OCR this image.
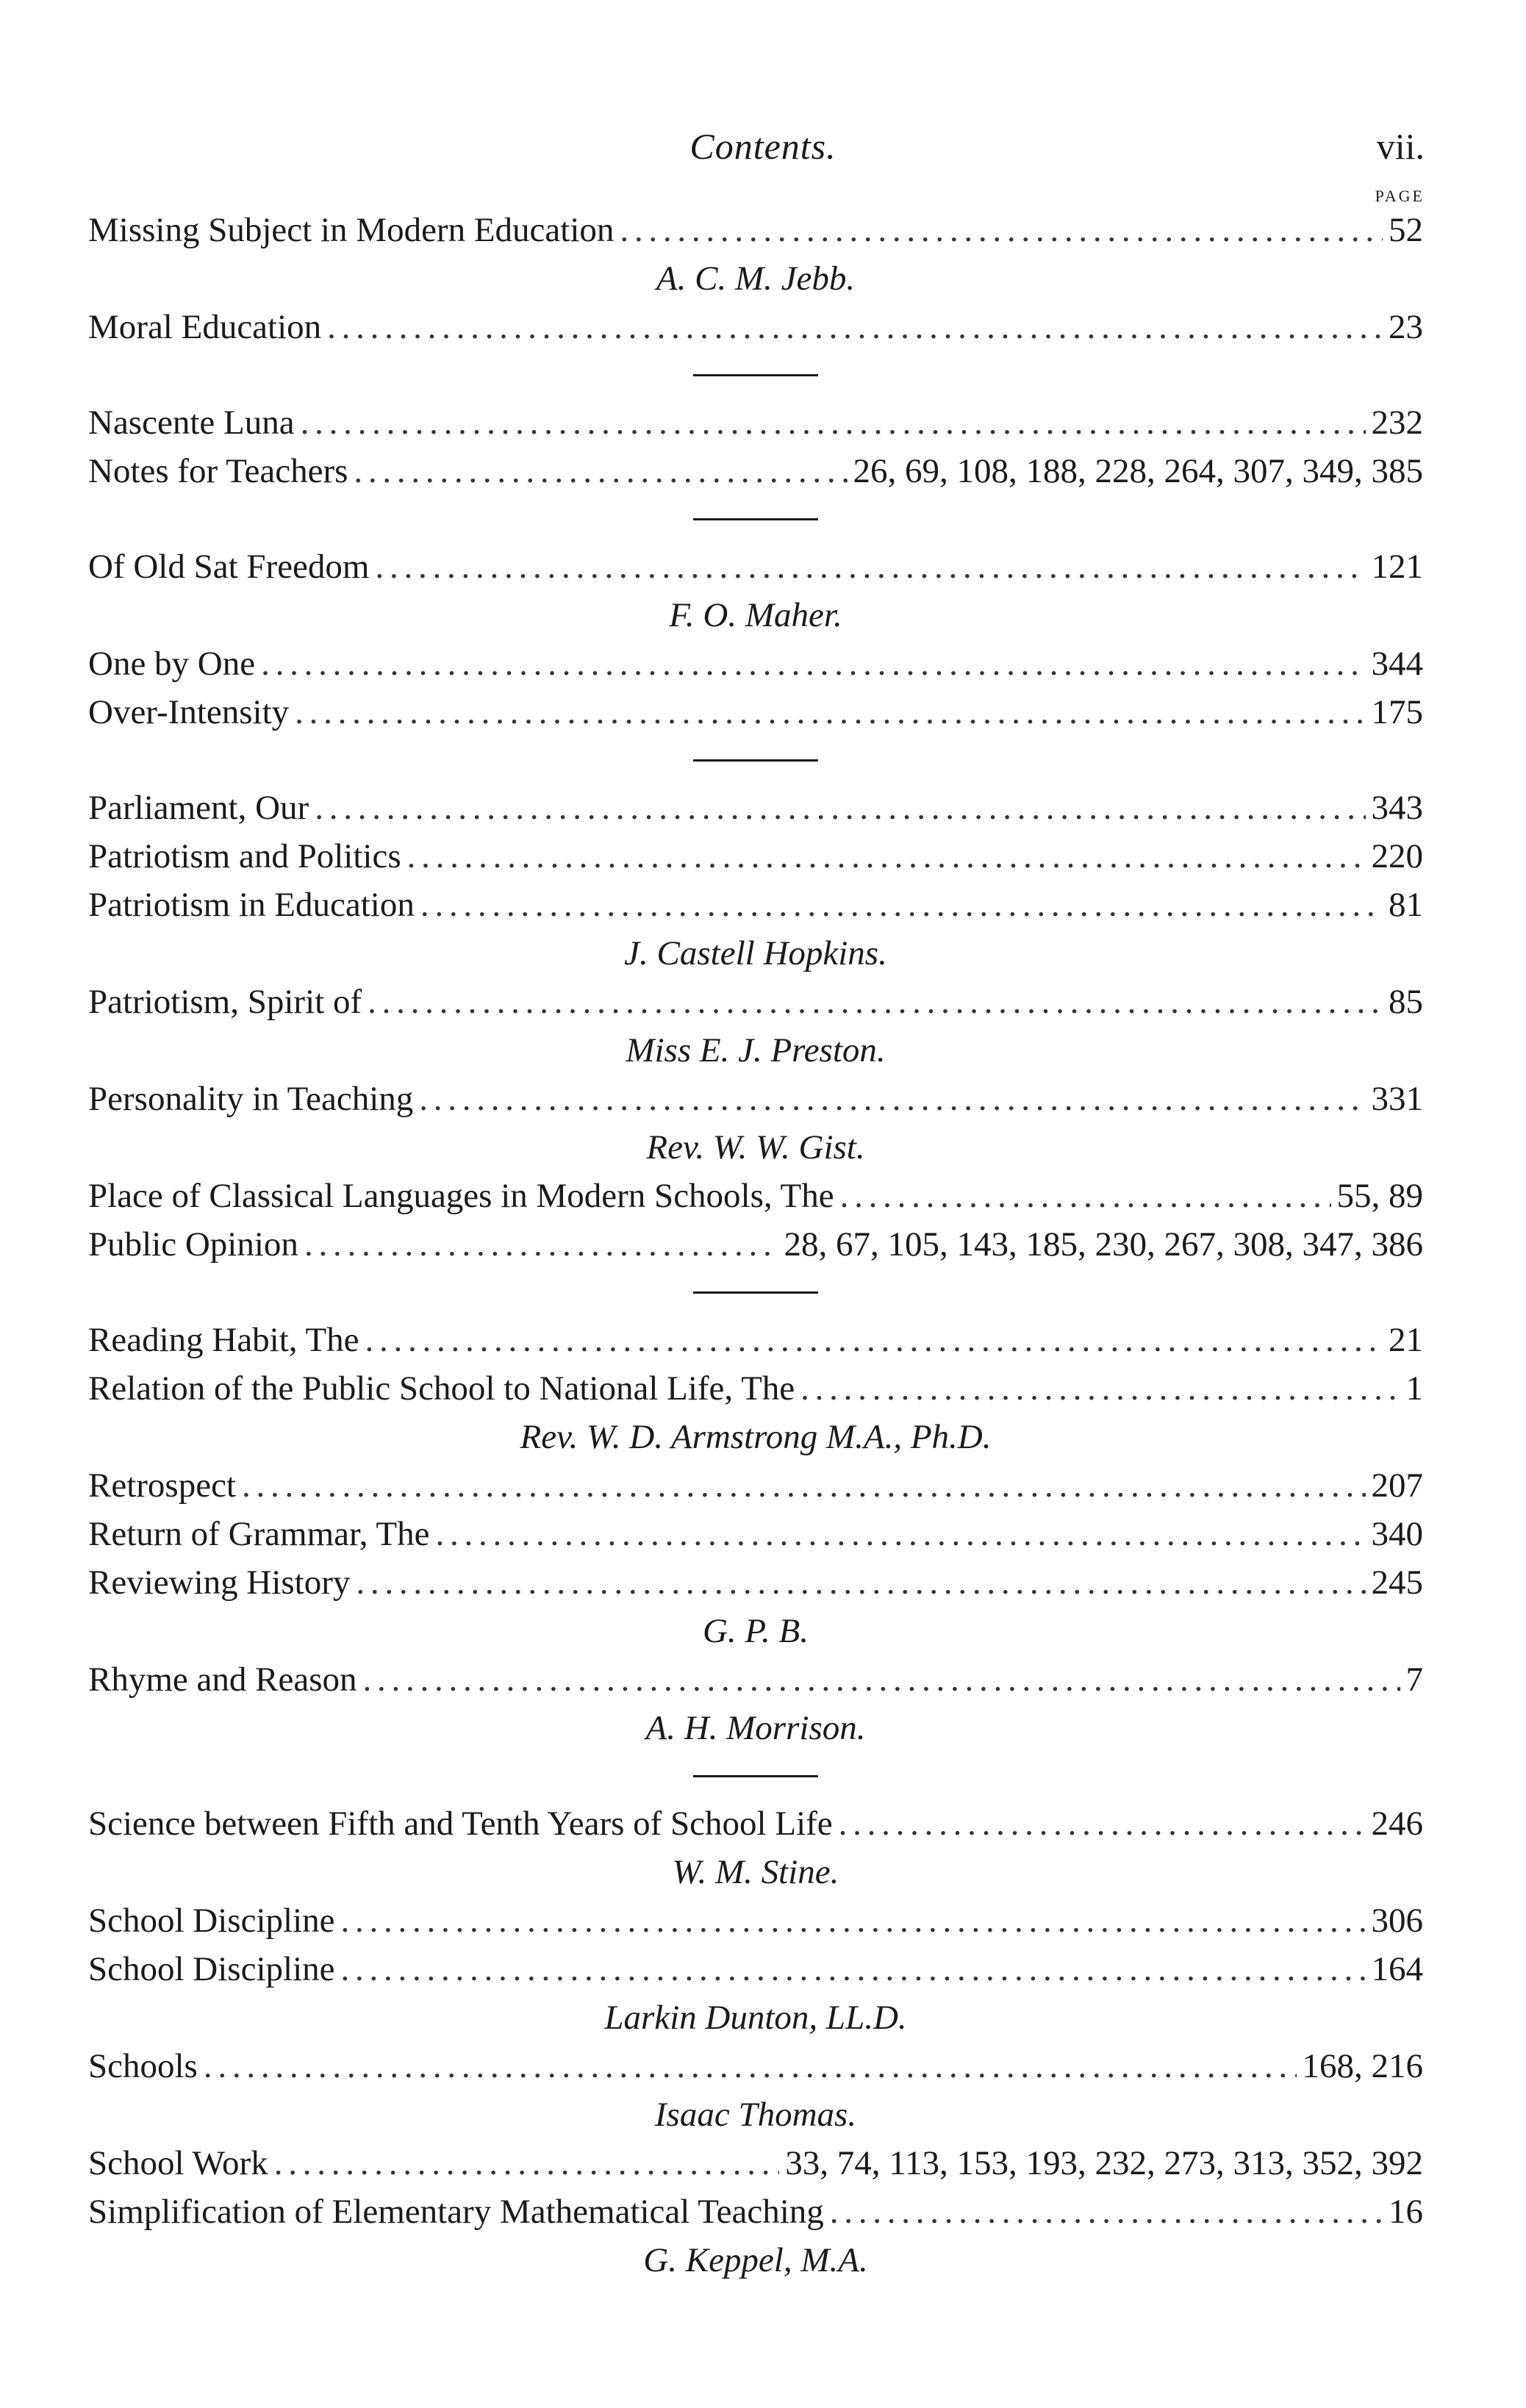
Contents.	vii.
PAGE
Missing Subject in Modern Education . . .	52
A. C. M. Jebb.
Moral Education . . .	23
Nascente Luna . . .	232
Notes for Teachers . . .	26, 69, 108, 188, 228, 264, 307, 349, 385
Of Old Sat Freedom . . .	121
F. O. Maher.
One by One . . .	344
Over-Intensity . . .	175
Parliament, Our . . .	343
Patriotism and Politics . . .	220
Patriotism in Education . . .	81
J. Castell Hopkins.
Patriotism, Spirit of . . .	85
Miss E. J. Preston.
Personality in Teaching . . .	331
Rev. W. W. Gist.
Place of Classical Languages in Modern Schools, The . . .	55, 89
Public Opinion . . .	28, 67, 105, 143, 185, 230, 267, 308, 347, 386
Reading Habit, The . . .	21
Relation of the Public School to National Life, The . . .	1
Rev. W. D. Armstrong M.A., Ph.D.
Retrospect . . .	207
Return of Grammar, The . . .	340
Reviewing History . . .	245
G. P. B.
Rhyme and Reason . . .	7
A. H. Morrison.
Science between Fifth and Tenth Years of School Life . . .	246
W. M. Stine.
School Discipline . . .	306
School Discipline . . .	164
Larkin Dunton, LL.D.
Schools . . .	168, 216
Isaac Thomas.
School Work . . .	33, 74, 113, 153, 193, 232, 273, 313, 352, 392
Simplification of Elementary Mathematical Teaching . . .	16
G. Keppel, M.A.
